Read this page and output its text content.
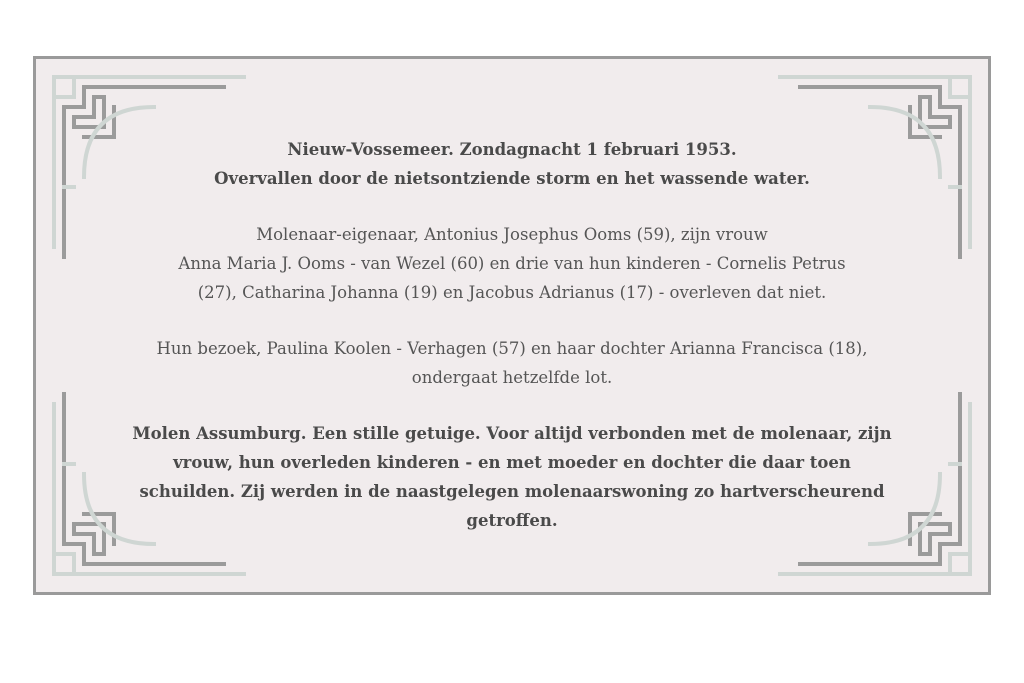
Nieuw-Vossemeer. Zondagnacht 1 februari 1953.
Overvallen door de nietsontziende storm en het wassende water.
Molenaar-eigenaar, Antonius Josephus Ooms (59), zijn vrouw
Anna Maria J. Ooms - van Wezel (60) en drie van hun kinderen - Cornelis Petrus
(27), Catharina Johanna (19) en Jacobus Adrianus (17) - overleven dat niet.
Hun bezoek, Paulina Koolen - Verhagen (57) en haar dochter Arianna Francisca (18),
ondergaat hetzelfde lot.
Molen Assumburg. Een stille getuige. Voor altijd verbonden met de molenaar, zijn
vrouw, hun overleden kinderen - en met moeder en dochter die daar toen
schuilden. Zij werden in de naastgelegen molenaarswoning zo hartverscheurend
getroffen.
